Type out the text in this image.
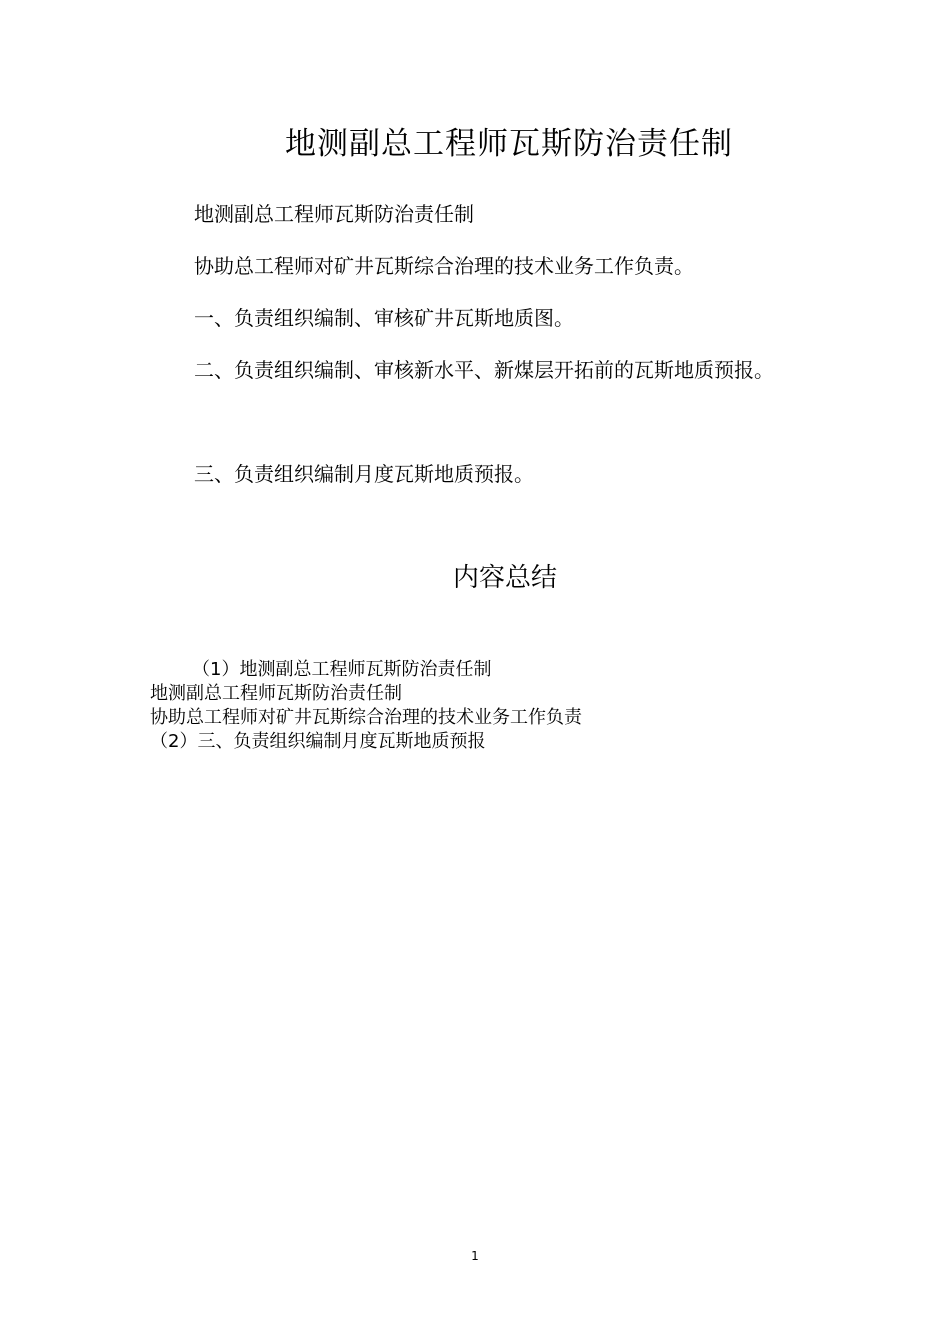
地测副总工程师瓦斯防治责任制
地测副总工程师瓦斯防治责任制
协助总工程师对矿井瓦斯综合治理的技术业务工作负责。
一、负责组织编制、审核矿井瓦斯地质图。
二、负责组织编制、审核新水平、新煤层开拓前的瓦斯地质预报。
三、负责组织编制月度瓦斯地质预报。
内容总结
（1）地测副总工程师瓦斯防治责任制
地测副总工程师瓦斯防治责任制
协助总工程师对矿井瓦斯综合治理的技术业务工作负责
（2）三、负责组织编制月度瓦斯地质预报
1
